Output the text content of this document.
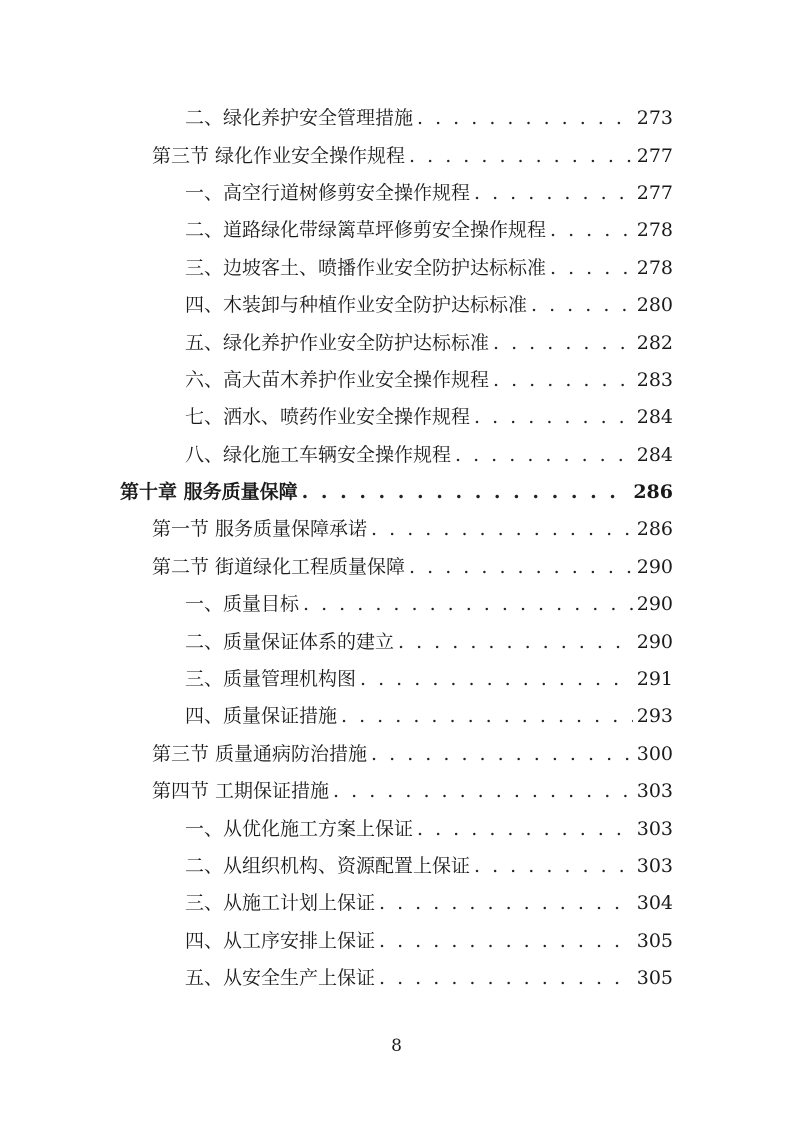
二、绿化养护安全管理措施 . . .	273
第三节 绿化作业安全操作规程 . . .	277
一、高空行道树修剪安全操作规程 . . .	277
二、道路绿化带绿篱草坪修剪安全操作规程 . . .	278
三、边坡客土、喷播作业安全防护达标标准 . . .	278
四、木装卸与种植作业安全防护达标标准 . . .	280
五、绿化养护作业安全防护达标标准 . . .	282
六、高大苗木养护作业安全操作规程 . . .	283
七、洒水、喷药作业安全操作规程 . . .	284
八、绿化施工车辆安全操作规程 . . .	284
第十章 服务质量保障 . . .	286
第一节 服务质量保障承诺 . . .	286
第二节 街道绿化工程质量保障 . . .	290
一、质量目标 . . .	290
二、质量保证体系的建立 . . .	290
三、质量管理机构图 . . .	291
四、质量保证措施 . . .	293
第三节 质量通病防治措施 . . .	300
第四节 工期保证措施 . . .	303
一、从优化施工方案上保证 . . .	303
二、从组织机构、资源配置上保证 . . .	303
三、从施工计划上保证 . . .	304
四、从工序安排上保证 . . .	305
五、从安全生产上保证 . . .	305
8
